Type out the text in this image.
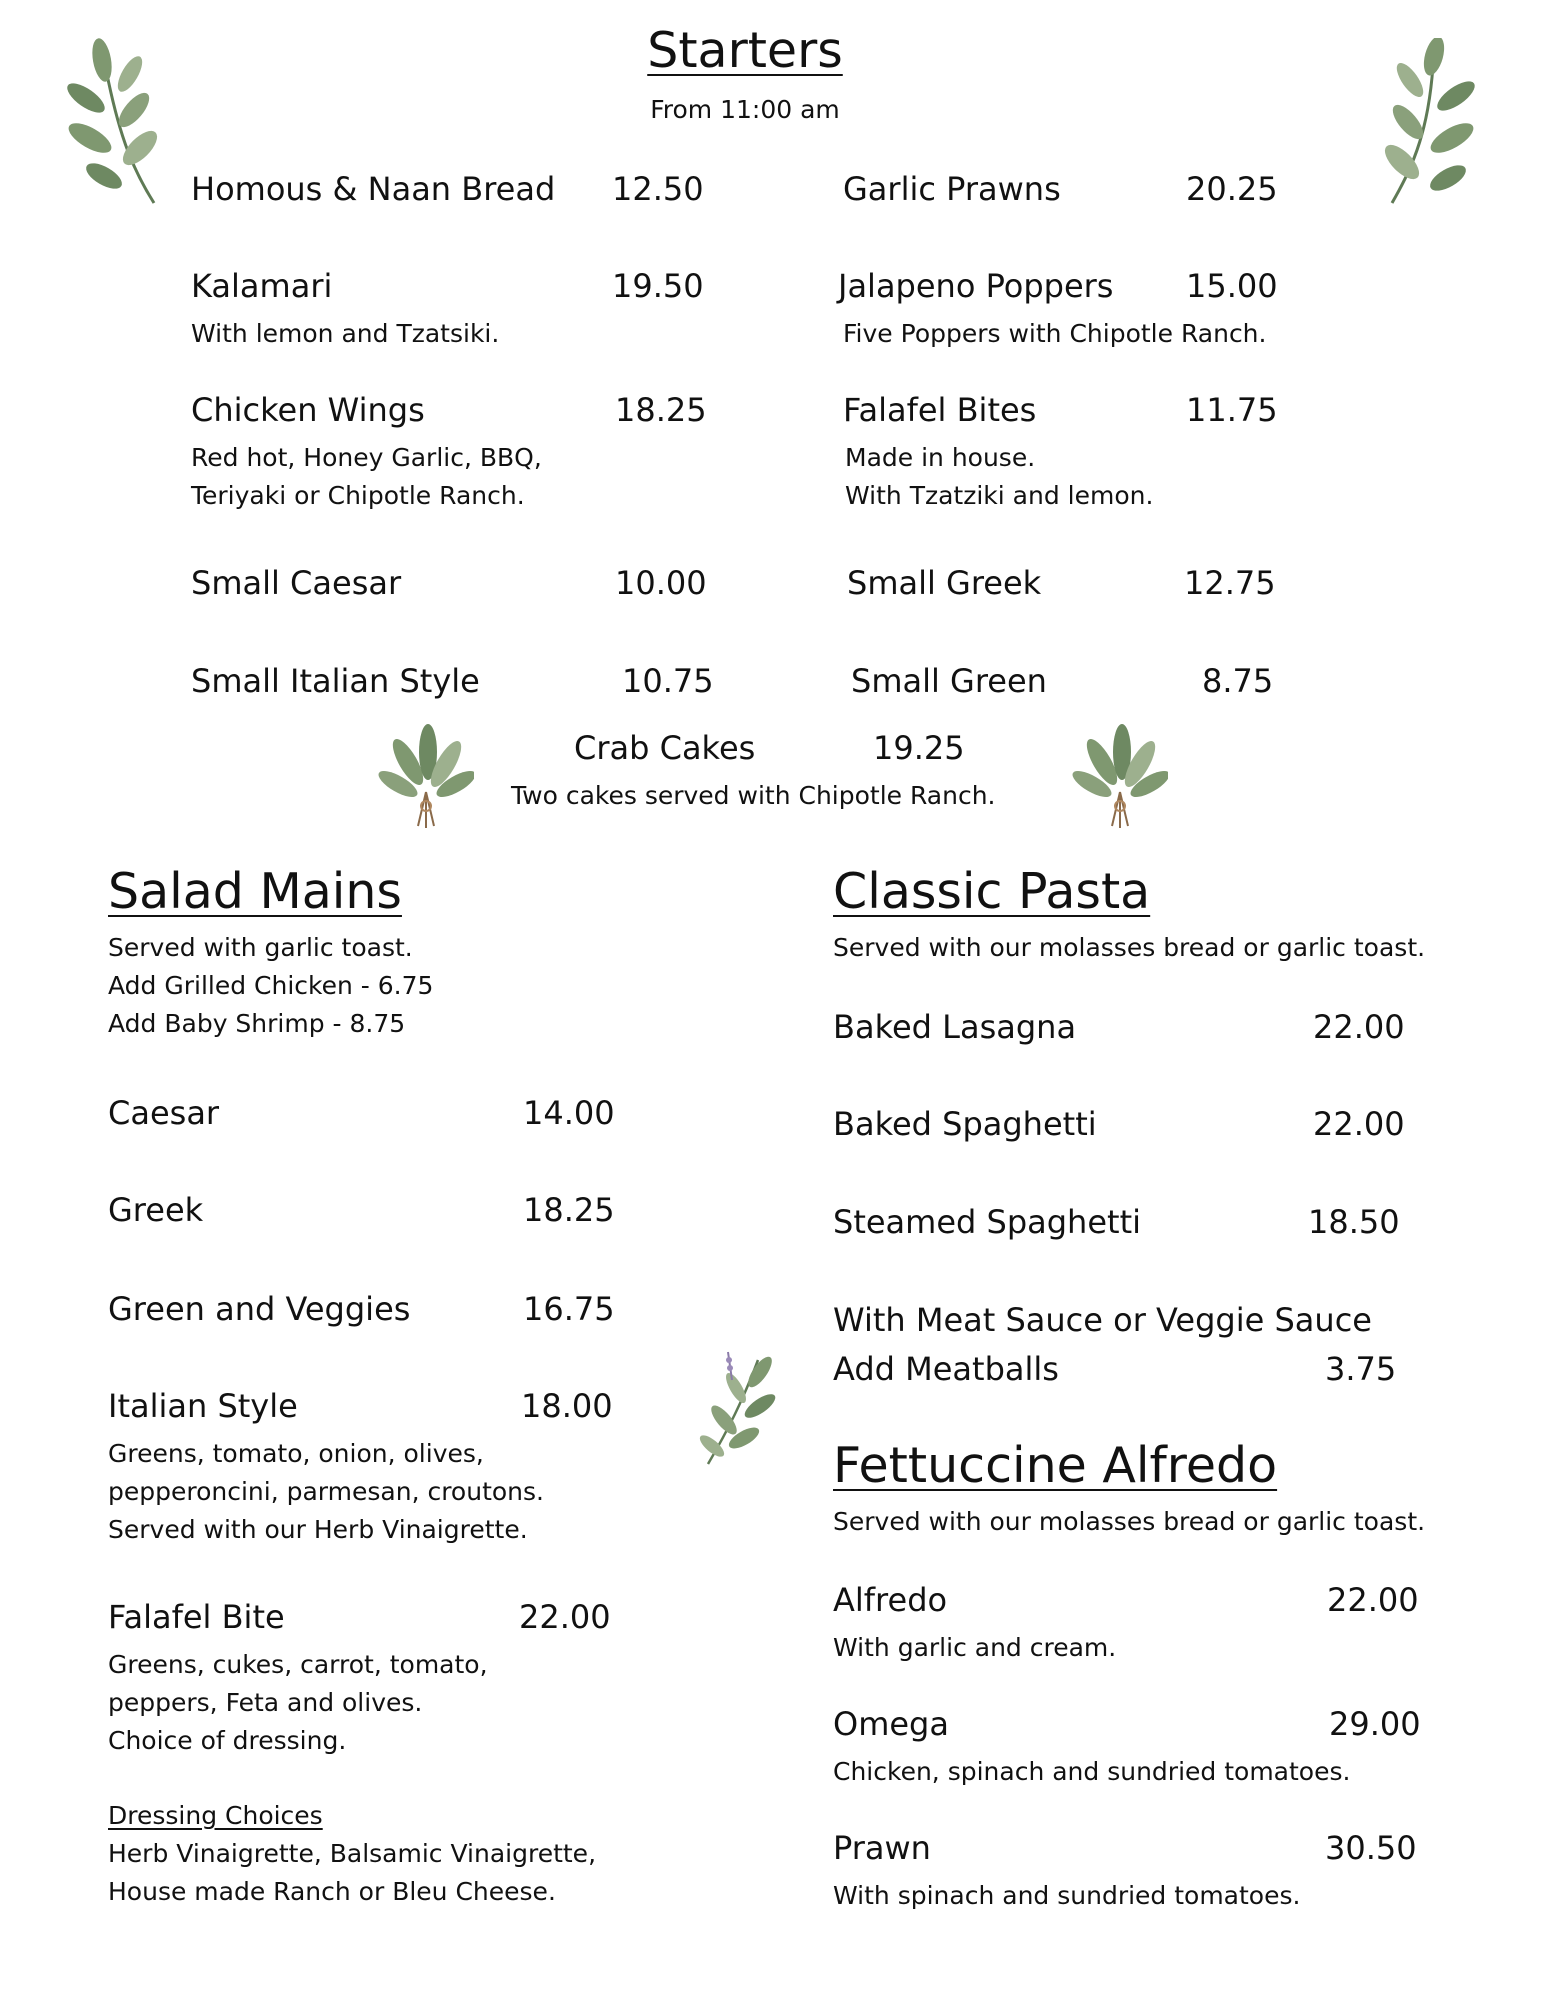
Starters
From 11:00 am
Homous & Naan Bread 12.50	Garlic Prawns	20.25
Kalamari	19.50
With lemon and Tzatsiki.
Jalapeno Poppers 15.00
Five Poppers with Chipotle Ranch.
Chicken Wings	18.25
Red hot, Honey Garlic, BBQ,
Teriyaki or Chipotle Ranch.
Falafel Bites	11.75
Made in house.
With Tzatziki and lemon.
Small Caesar	10.00	Small Greek	12.75
Small Italian Style	10.75	Small Green	8.75
Crab Cakes	19.25
Two cakes served with Chipotle Ranch.
Salad Mains
Served with garlic toast.
Add Grilled Chicken - 6.75
Add Baby Shrimp - 8.75
Caesar	14.00
Greek	18.25
Green and Veggies	16.75
Italian Style	18.00
Greens, tomato, onion, olives,
pepperoncini, parmesan, croutons.
Served with our Herb Vinaigrette.
Falafel Bite	22.00
Greens, cukes, carrot, tomato,
peppers, Feta and olives.
Choice of dressing.
Dressing Choices
Herb Vinaigrette, Balsamic Vinaigrette,
House made Ranch or Bleu Cheese.
Classic Pasta
Served with our molasses bread or garlic toast.
Baked Lasagna	22.00
Baked Spaghetti	22.00
Steamed Spaghetti	18.50
With Meat Sauce or Veggie Sauce
Add Meatballs	3.75
Fettuccine Alfredo
Served with our molasses bread or garlic toast.
Alfredo	22.00
With garlic and cream.
Omega	29.00
Chicken, spinach and sundried tomatoes.
Prawn	30.50
With spinach and sundried tomatoes.
